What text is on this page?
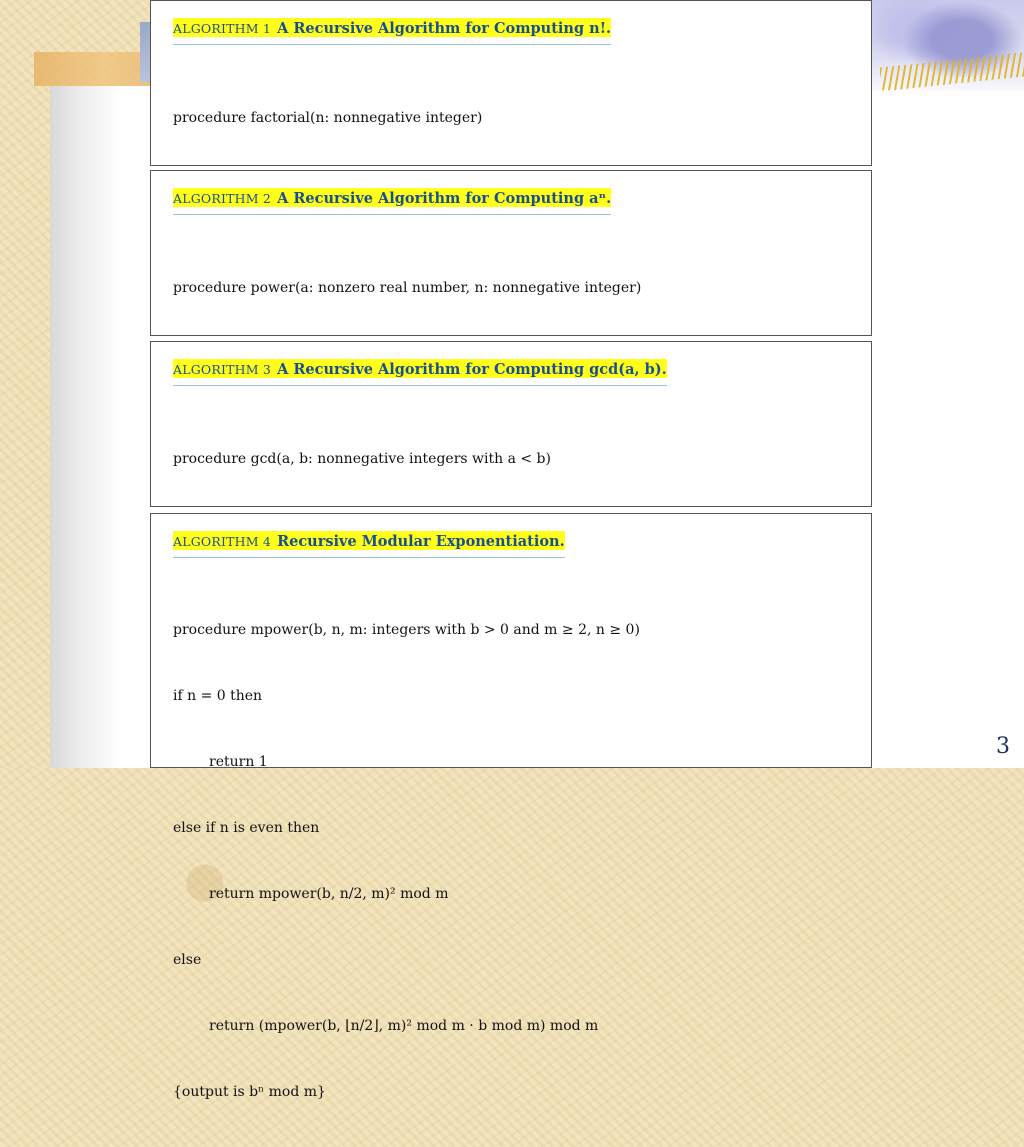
ALGORITHM 1 A Recursive Algorithm for Computing n!.

procedure factorial(n: nonnegative integer)

ALGORITHM 2 A Recursive Algorithm for Computing aⁿ.

procedure power(a: nonzero real number, n: nonnegative integer)

ALGORITHM 3 A Recursive Algorithm for Computing gcd(a, b).

procedure gcd(a, b: nonnegative integers with a < b)

ALGORITHM 4 Recursive Modular Exponentiation.

procedure mpower(b, n, m: integers with b > 0 and m ≥ 2, n ≥ 0)

if n = 0 then

return 1

else if n is even then

return mpower(b, n/2, m)² mod m

else

return (mpower(b, ⌊n/2⌋, m)² mod m · b mod m) mod m

{output is bⁿ mod m}

3
